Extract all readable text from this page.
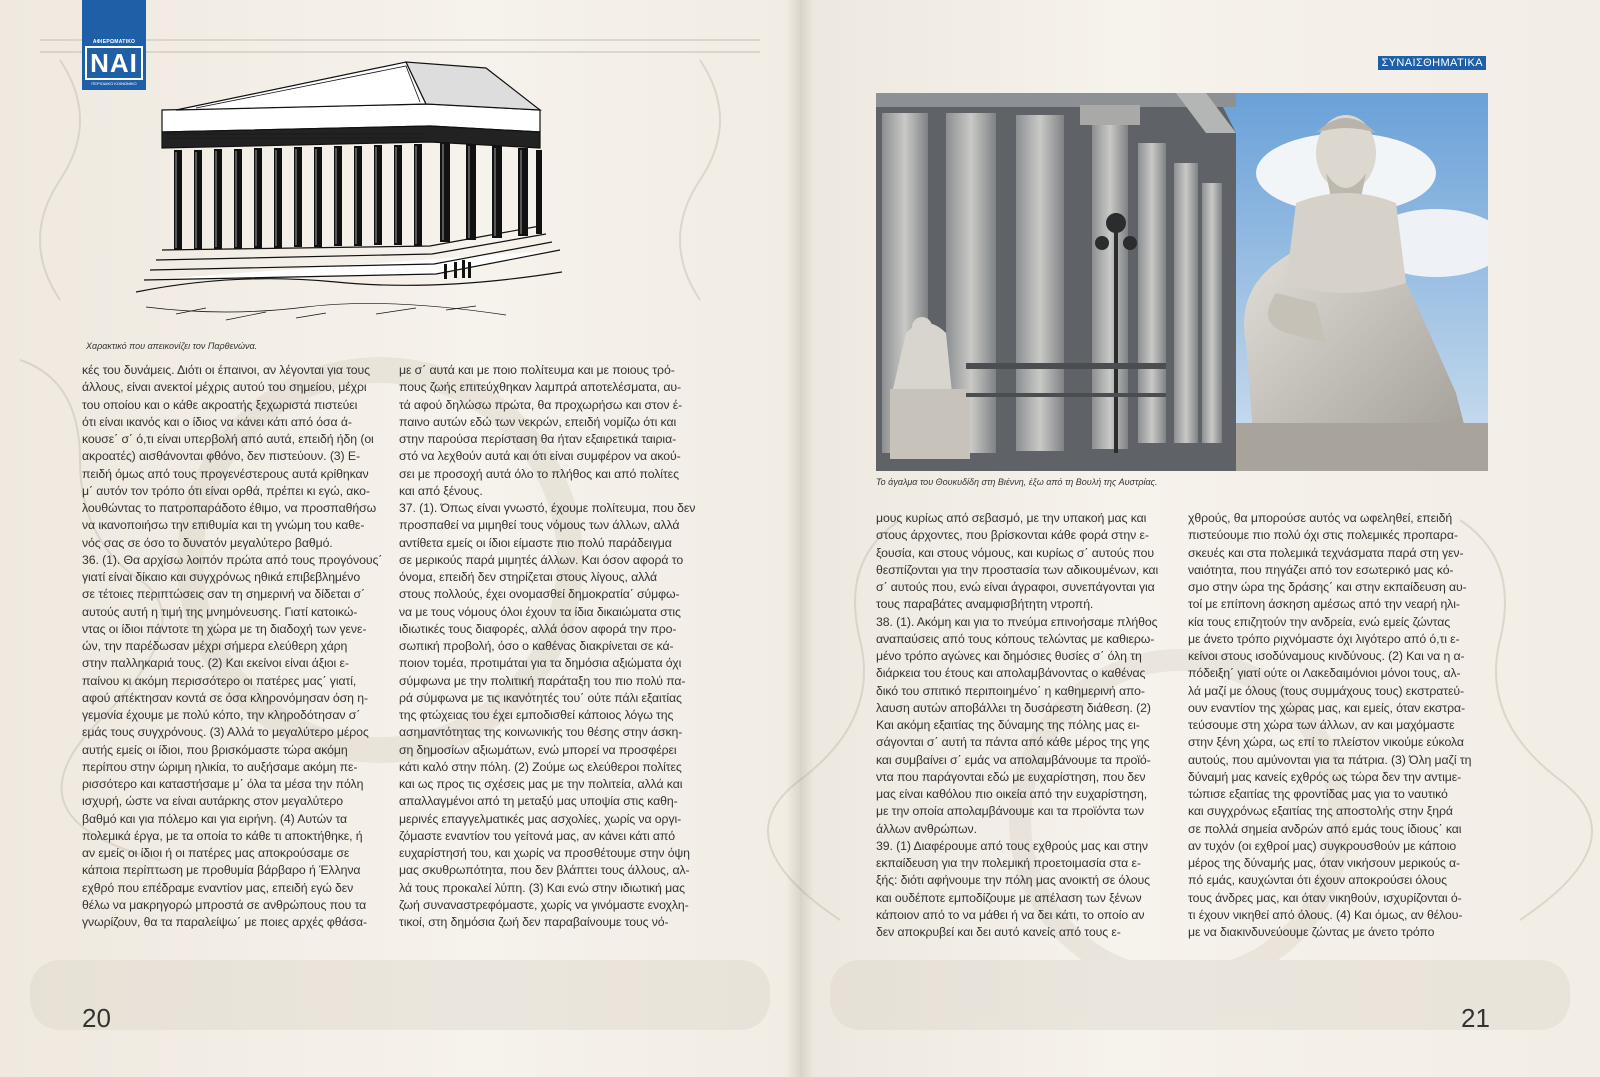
ΑΦΙΕΡΩΜΑΤΙΚΟ
ΝΑΙ
ΠΕΡΙΟΔΙΚΟ ΚΟΙΝΩΝΙΚΟ
ΣΥΝΑΙΣΘΗΜΑΤΙΚΑ
Χαρακτικό που απεικονίζει τον Παρθενώνα.
Το άγαλμα του Θουκυδίδη στη Βιέννη, έξω από τη Βουλή της Αυστρίας.

κές του δυνάμεις. Διότι οι έπαινοι, αν λέγονται για τους

άλλους, είναι ανεκτοί μέχρις αυτού του σημείου, μέχρι

του οποίου και ο κάθε ακροατής ξεχωριστά πιστεύει

ότι είναι ικανός και ο ίδιος να κάνει κάτι από όσα ά-

κουσε΄ σ΄ ό,τι είναι υπερβολή από αυτά, επειδή ήδη (οι

ακροατές) αισθάνονται φθόνο, δεν πιστεύουν. (3) Ε-

πειδή όμως από τους προγενέστερους αυτά κρίθηκαν

μ΄ αυτόν τον τρόπο ότι είναι ορθά, πρέπει κι εγώ, ακο-

λουθώντας το πατροπαράδοτο έθιμο, να προσπαθήσω

να ικανοποιήσω την επιθυμία και τη γνώμη του καθε-

νός σας σε όσο το δυνατόν μεγαλύτερο βαθμό.

36. (1). Θα αρχίσω λοιπόν πρώτα από τους προγόνους΄

γιατί είναι δίκαιο και συγχρόνως ηθικά επιβεβλημένο

σε τέτοιες περιπτώσεις σαν τη σημερινή να δίδεται σ΄

αυτούς αυτή η τιμή της μνημόνευσης. Γιατί κατοικώ-

ντας οι ίδιοι πάντοτε τη χώρα με τη διαδοχή των γενε-

ών, την παρέδωσαν μέχρι σήμερα ελεύθερη χάρη

στην παλληκαριά τους. (2) Και εκείνοι είναι άξιοι ε-

παίνου κι ακόμη περισσότερο οι πατέρες μας΄ γιατί,

αφού απέκτησαν κοντά σε όσα κληρονόμησαν όση η-

γεμονία έχουμε με πολύ κόπο, την κληροδότησαν σ΄

εμάς τους συγχρόνους. (3) Αλλά το μεγαλύτερο μέρος

αυτής εμείς οι ίδιοι, που βρισκόμαστε τώρα ακόμη

περίπου στην ώριμη ηλικία, το αυξήσαμε ακόμη πε-

ρισσότερο και καταστήσαμε μ΄ όλα τα μέσα την πόλη

ισχυρή, ώστε να είναι αυτάρκης στον μεγαλύτερο

βαθμό και για πόλεμο και για ειρήνη. (4) Αυτών τα

πολεμικά έργα, με τα οποία το κάθε τι αποκτήθηκε, ή

αν εμείς οι ίδιοι ή οι πατέρες μας αποκρούσαμε σε

κάποια περίπτωση με προθυμία βάρβαρο ή Έλληνα

εχθρό που επέδραμε εναντίον μας, επειδή εγώ δεν

θέλω να μακρηγορώ μπροστά σε ανθρώπους που τα

γνωρίζουν, θα τα παραλείψω΄ με ποιες αρχές φθάσα-

με σ΄ αυτά και με ποιο πολίτευμα και με ποιους τρό-

πους ζωής επιτεύχθηκαν λαμπρά αποτελέσματα, αυ-

τά αφού δηλώσω πρώτα, θα προχωρήσω και στον έ-

παινο αυτών εδώ των νεκρών, επειδή νομίζω ότι και

στην παρούσα περίσταση θα ήταν εξαιρετικά ταιρια-

στό να λεχθούν αυτά και ότι είναι συμφέρον να ακού-

σει με προσοχή αυτά όλο το πλήθος και από πολίτες

και από ξένους.

37. (1). Όπως είναι γνωστό, έχουμε πολίτευμα, που δεν

προσπαθεί να μιμηθεί τους νόμους των άλλων, αλλά

αντίθετα εμείς οι ίδιοι είμαστε πιο πολύ παράδειγμα

σε μερικούς παρά μιμητές άλλων. Και όσον αφορά το

όνομα, επειδή δεν στηρίζεται στους λίγους, αλλά

στους πολλούς, έχει ονομασθεί δημοκρατία΄ σύμφω-

να με τους νόμους όλοι έχουν τα ίδια δικαιώματα στις

ιδιωτικές τους διαφορές, αλλά όσον αφορά την προ-

σωπική προβολή, όσο ο καθένας διακρίνεται σε κά-

ποιον τομέα, προτιμάται για τα δημόσια αξιώματα όχι

σύμφωνα με την πολιτική παράταξη του πιο πολύ πα-

ρά σύμφωνα με τις ικανότητές του΄ ούτε πάλι εξαιτίας

της φτώχειας του έχει εμποδισθεί κάποιος λόγω της

ασημαντότητας της κοινωνικής του θέσης στην άσκη-

ση δημοσίων αξιωμάτων, ενώ μπορεί να προσφέρει

κάτι καλό στην πόλη. (2) Ζούμε ως ελεύθεροι πολίτες

και ως προς τις σχέσεις μας με την πολιτεία, αλλά και

απαλλαγμένοι από τη μεταξύ μας υποψία στις καθη-

μερινές επαγγελματικές μας ασχολίες, χωρίς να οργι-

ζόμαστε εναντίον του γείτονά μας, αν κάνει κάτι από

ευχαρίστησή του, και χωρίς να προσθέτουμε στην όψη

μας σκυθρωπότητα, που δεν βλάπτει τους άλλους, αλ-

λά τους προκαλεί λύπη. (3) Και ενώ στην ιδιωτική μας

ζωή συναναστρεφόμαστε, χωρίς να γινόμαστε ενοχλη-

τικοί, στη δημόσια ζωή δεν παραβαίνουμε τους νό-

μους κυρίως από σεβασμό, με την υπακοή μας και

στους άρχοντες, που βρίσκονται κάθε φορά στην ε-

ξουσία, και στους νόμους, και κυρίως σ΄ αυτούς που

θεσπίζονται για την προστασία των αδικουμένων, και

σ΄ αυτούς που, ενώ είναι άγραφοι, συνεπάγονται για

τους παραβάτες αναμφισβήτητη ντροπή.

38. (1). Ακόμη και για το πνεύμα επινοήσαμε πλήθος

αναπαύσεις από τους κόπους τελώντας με καθιερω-

μένο τρόπο αγώνες και δημόσιες θυσίες σ΄ όλη τη

διάρκεια του έτους και απολαμβάνοντας ο καθένας

δικό του σπιτικό περιποιημένο΄ η καθημερινή απο-

λαυση αυτών αποβάλλει τη δυσάρεστη διάθεση. (2)

Και ακόμη εξαιτίας της δύναμης της πόλης μας ει-

σάγονται σ΄ αυτή τα πάντα από κάθε μέρος της γης

και συμβαίνει σ΄ εμάς να απολαμβάνουμε τα προϊό-

ντα που παράγονται εδώ με ευχαρίστηση, που δεν

μας είναι καθόλου πιο οικεία από την ευχαρίστηση,

με την οποία απολαμβάνουμε και τα προϊόντα των

άλλων ανθρώπων.

39. (1) Διαφέρουμε από τους εχθρούς μας και στην

εκπαίδευση για την πολεμική προετοιμασία στα ε-

ξής: διότι αφήνουμε την πόλη μας ανοικτή σε όλους

και ουδέποτε εμποδίζουμε με απέλαση των ξένων

κάποιον από το να μάθει ή να δει κάτι, το οποίο αν

δεν αποκρυβεί και δει αυτό κανείς από τους ε-

χθρούς, θα μπορούσε αυτός να ωφεληθεί, επειδή

πιστεύουμε πιο πολύ όχι στις πολεμικές προπαρα-

σκευές και στα πολεμικά τεχνάσματα παρά στη γεν-

ναιότητα, που πηγάζει από τον εσωτερικό μας κό-

σμο στην ώρα της δράσης΄ και στην εκπαίδευση αυ-

τοί με επίπονη άσκηση αμέσως από την νεαρή ηλι-

κία τους επιζητούν την ανδρεία, ενώ εμείς ζώντας

με άνετο τρόπο ριχνόμαστε όχι λιγότερο από ό,τι ε-

κείνοι στους ισοδύναμους κινδύνους. (2) Και να η α-

πόδειξη΄ γιατί ούτε οι Λακεδαιμόνιοι μόνοι τους, αλ-

λά μαζί με όλους (τους συμμάχους τους) εκστρατεύ-

ουν εναντίον της χώρας μας, και εμείς, όταν εκστρα-

τεύσουμε στη χώρα των άλλων, αν και μαχόμαστε

στην ξένη χώρα, ως επί το πλείστον νικούμε εύκολα

αυτούς, που αμύνονται για τα πάτρια. (3) Όλη μαζί τη

δύναμή μας κανείς εχθρός ως τώρα δεν την αντιμε-

τώπισε εξαιτίας της φροντίδας μας για το ναυτικό

και συγχρόνως εξαιτίας της αποστολής στην ξηρά

σε πολλά σημεία ανδρών από εμάς τους ίδιους΄ και

αν τυχόν (οι εχθροί μας) συγκρουσθούν με κάποιο

μέρος της δύναμής μας, όταν νικήσουν μερικούς α-

πό εμάς, καυχώνται ότι έχουν αποκρούσει όλους

τους άνδρες μας, και όταν νικηθούν, ισχυρίζονται ό-

τι έχουν νικηθεί από όλους. (4) Και όμως, αν θέλου-

με να διακινδυνεύουμε ζώντας με άνετο τρόπο

20	21
